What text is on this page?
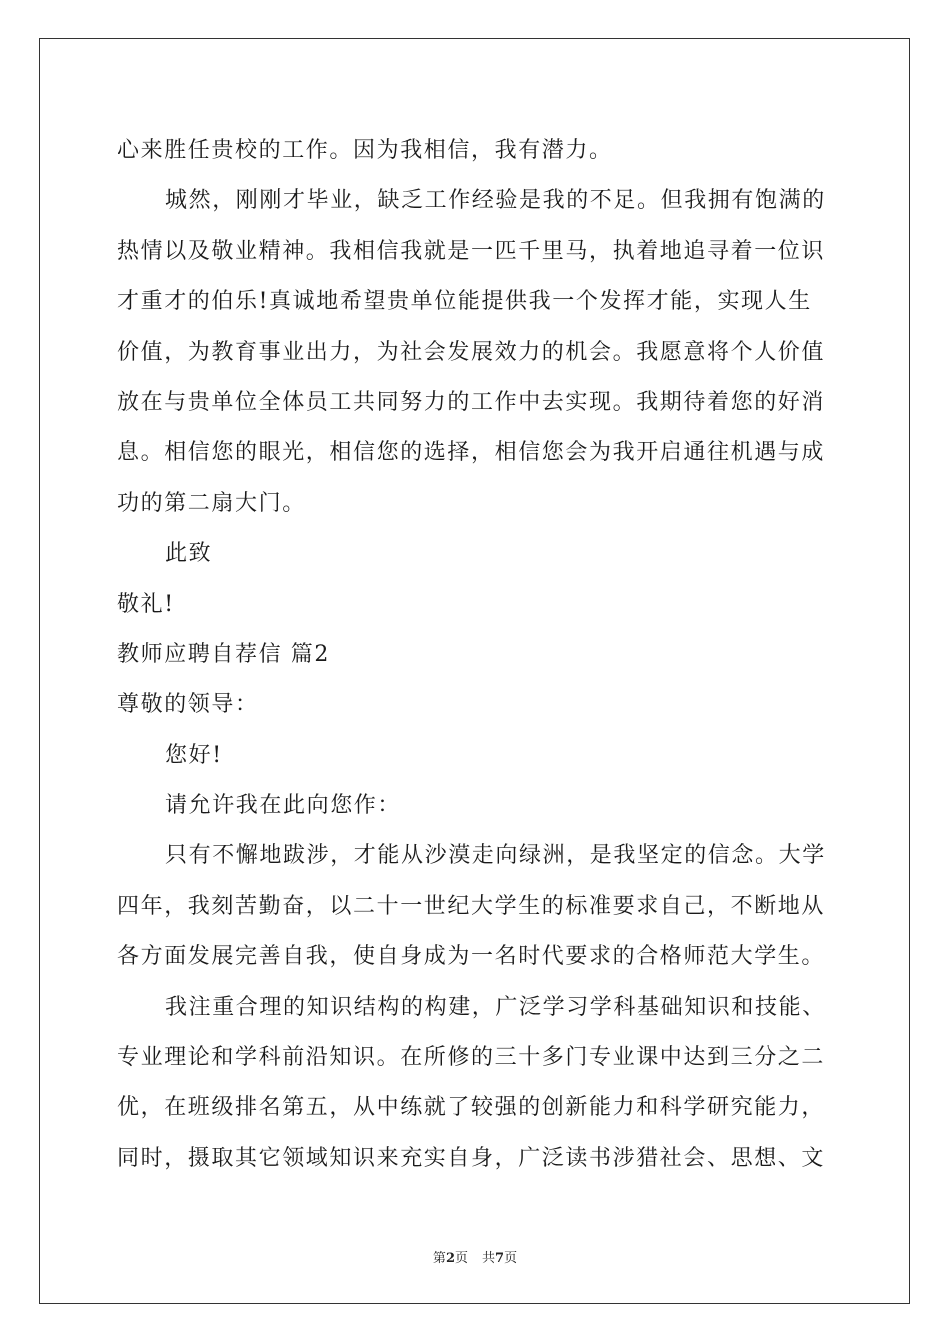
心来胜任贵校的工作。因为我相信，我有潜力。
城然，刚刚才毕业，缺乏工作经验是我的不足。但我拥有饱满的
热情以及敬业精神。我相信我就是一匹千里马，执着地追寻着一位识
才重才的伯乐!真诚地希望贵单位能提供我一个发挥才能，实现人生
价值，为教育事业出力，为社会发展效力的机会。我愿意将个人价值
放在与贵单位全体员工共同努力的工作中去实现。我期待着您的好消
息。相信您的眼光，相信您的选择，相信您会为我开启通往机遇与成
功的第二扇大门。
此致
敬礼!
教师应聘自荐信 篇2
尊敬的领导：
您好!
请允许我在此向您作：
只有不懈地跋涉，才能从沙漠走向绿洲，是我坚定的信念。大学
四年，我刻苦勤奋，以二十一世纪大学生的标准要求自己，不断地从
各方面发展完善自我，使自身成为一名时代要求的合格师范大学生。
我注重合理的知识结构的构建，广泛学习学科基础知识和技能、
专业理论和学科前沿知识。在所修的三十多门专业课中达到三分之二
优，在班级排名第五，从中练就了较强的创新能力和科学研究能力，
同时，摄取其它领域知识来充实自身，广泛读书涉猎社会、思想、文
第2页 共7页
